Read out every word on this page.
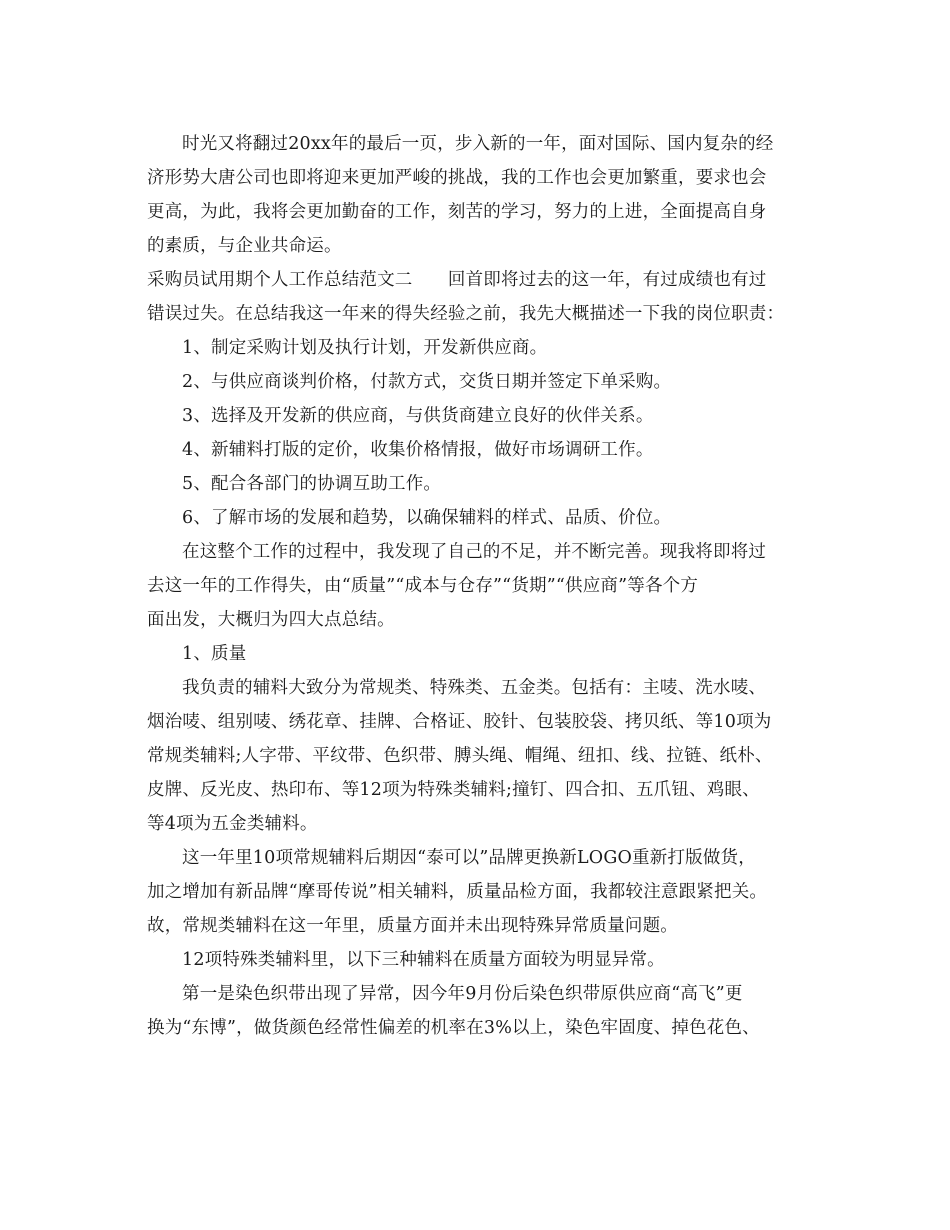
时光又将翻过20xx年的最后一页，步入新的一年，面对国际、国内复杂的经
济形势大唐公司也即将迎来更加严峻的挑战，我的工作也会更加繁重，要求也会
更高，为此，我将会更加勤奋的工作，刻苦的学习，努力的上进，全面提高自身
的素质，与企业共命运。
采购员试用期个人工作总结范文二　　回首即将过去的这一年，有过成绩也有过
错误过失。在总结我这一年来的得失经验之前，我先大概描述一下我的岗位职责：
1、制定采购计划及执行计划，开发新供应商。
2、与供应商谈判价格，付款方式，交货日期并签定下单采购。
3、选择及开发新的供应商，与供货商建立良好的伙伴关系。
4、新辅料打版的定价，收集价格情报，做好市场调研工作。
5、配合各部门的协调互助工作。
6、了解市场的发展和趋势，以确保辅料的样式、品质、价位。
在这整个工作的过程中，我发现了自己的不足，并不断完善。现我将即将过
去这一年的工作得失，由“质量”“成本与仓存”“货期”“供应商”等各个方
面出发，大概归为四大点总结。
1、质量
我负责的辅料大致分为常规类、特殊类、五金类。包括有：主唛、洗水唛、
烟治唛、组别唛、绣花章、挂牌、合格证、胶针、包装胶袋、拷贝纸、等10项为
常规类辅料;人字带、平纹带、色织带、膊头绳、帽绳、纽扣、线、拉链、纸朴、
皮牌、反光皮、热印布、等12项为特殊类辅料;撞钉、四合扣、五爪钮、鸡眼、
等4项为五金类辅料。
这一年里10项常规辅料后期因“泰可以”品牌更换新LOGO重新打版做货，
加之增加有新品牌“摩哥传说”相关辅料，质量品检方面，我都较注意跟紧把关。
故，常规类辅料在这一年里，质量方面并未出现特殊异常质量问题。
12项特殊类辅料里，以下三种辅料在质量方面较为明显异常。
第一是染色织带出现了异常，因今年9月份后染色织带原供应商“高飞”更
换为“东博”，做货颜色经常性偏差的机率在3%以上，染色牢固度、掉色花色、
